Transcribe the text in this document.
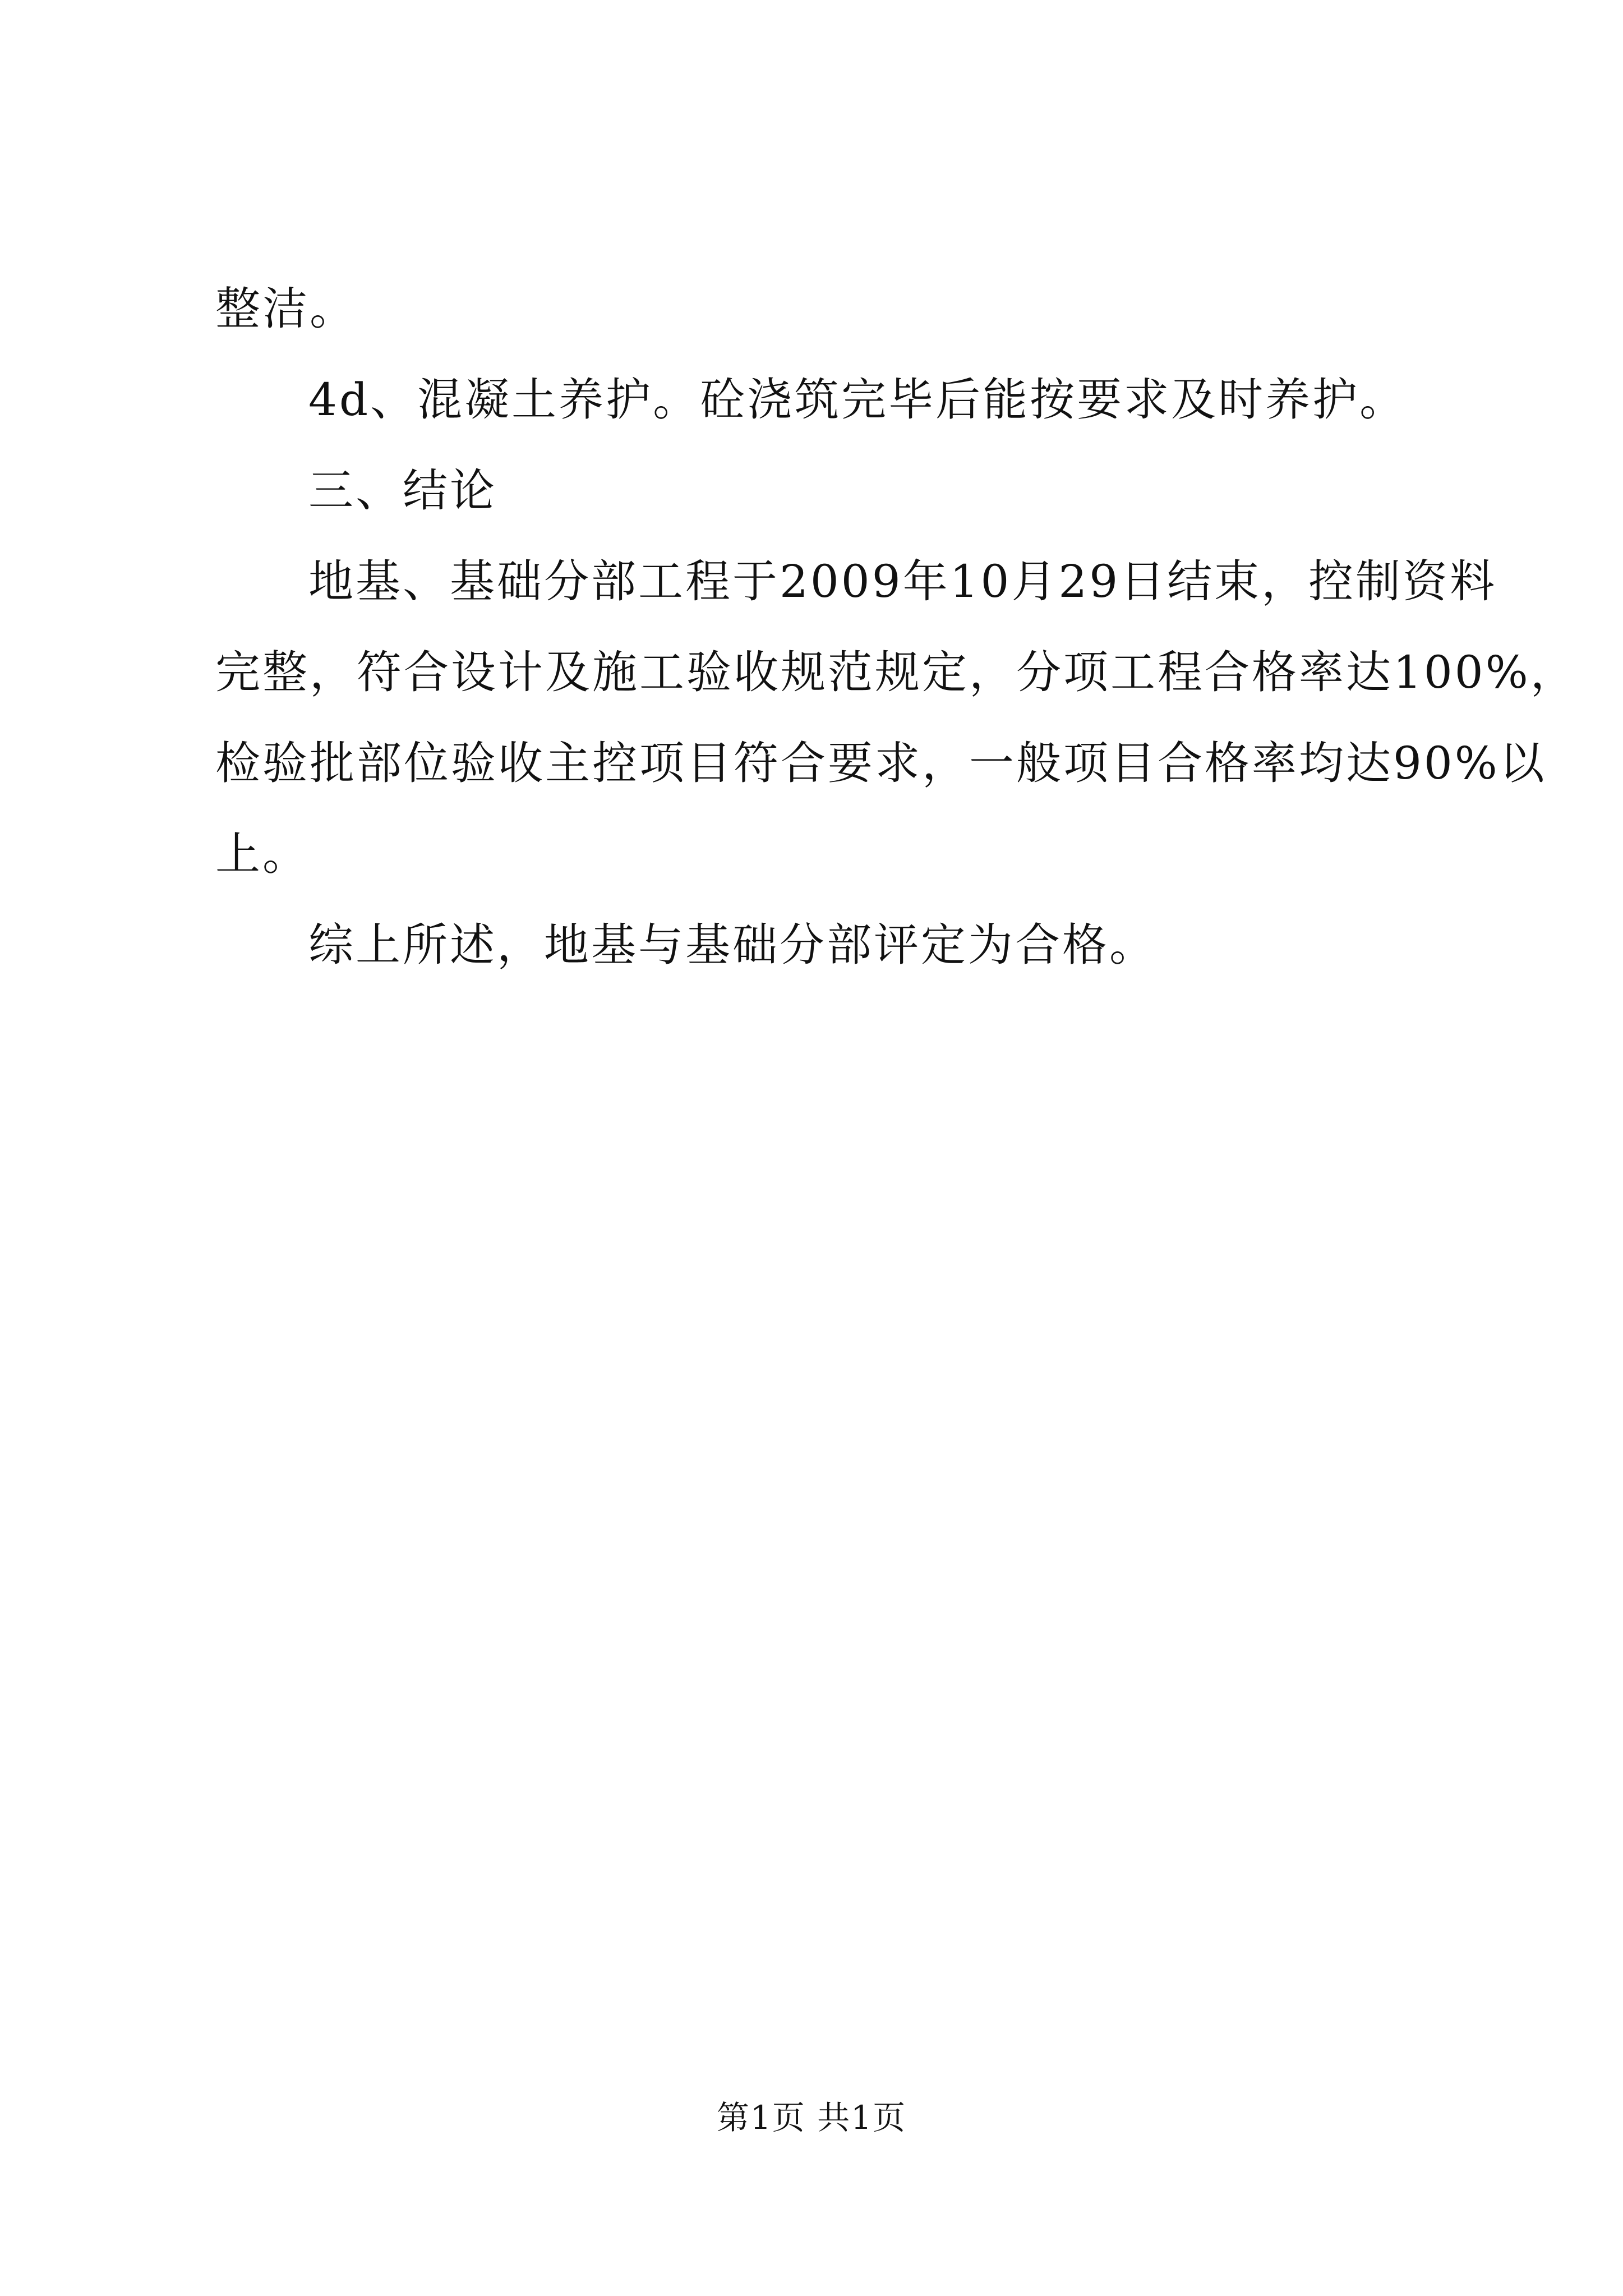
整洁。
4d、混凝土养护。砼浇筑完毕后能按要求及时养护。
三、结论
地基、基础分部工程于2009年10月29日结束，控制资料
完整，符合设计及施工验收规范规定，分项工程合格率达100%，
检验批部位验收主控项目符合要求，一般项目合格率均达90%以
上。
综上所述，地基与基础分部评定为合格。
第1页 共1页
